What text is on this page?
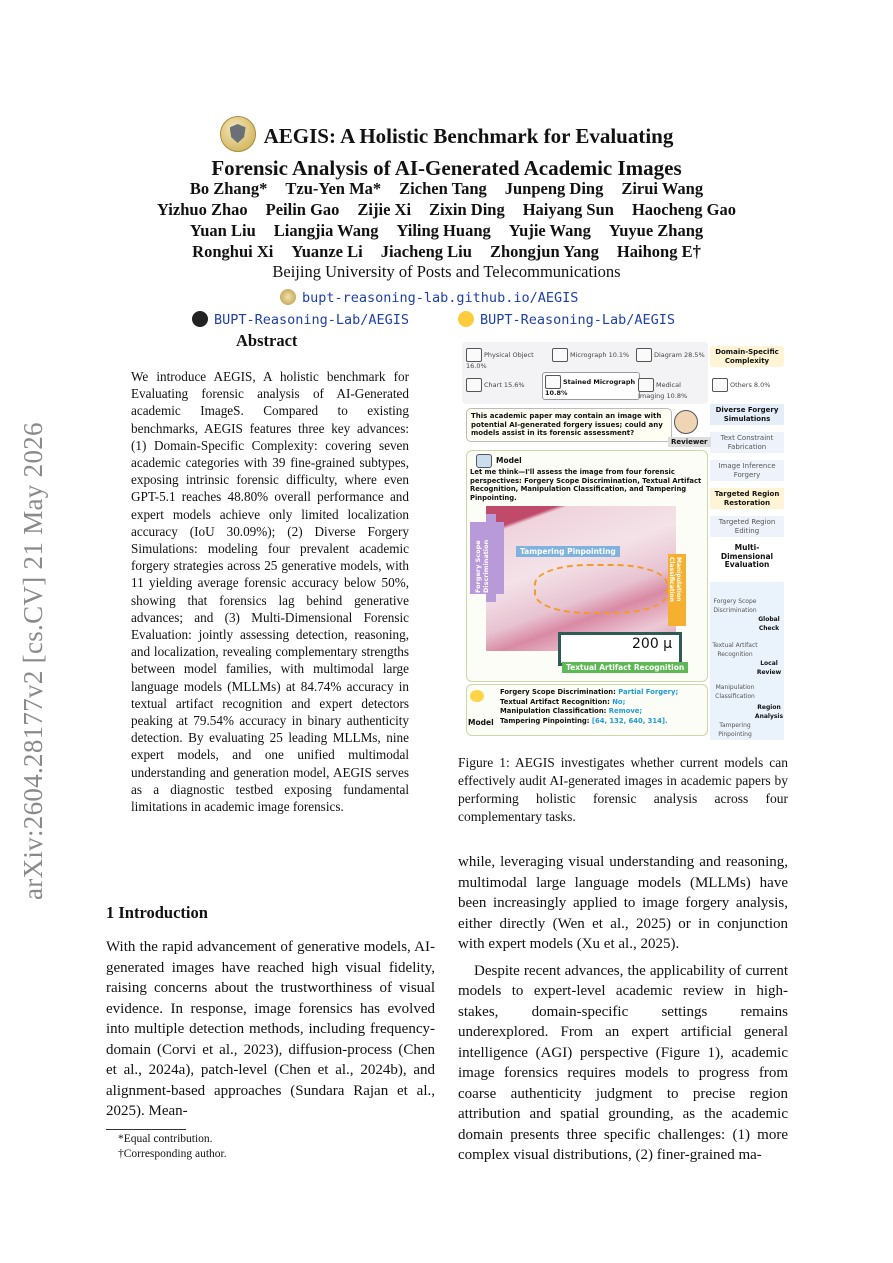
arXiv:2604.28177v2 [cs.CV] 21 May 2026
AEGIS: A Holistic Benchmark for Evaluating
Forensic Analysis of AI-Generated Academic Images
Bo Zhang* Tzu-Yen Ma* Zichen Tang Junpeng Ding Zirui Wang
Yizhuo Zhao Peilin Gao Zijie Xi Zixin Ding Haiyang Sun Haocheng Gao
Yuan Liu Liangjia Wang Yiling Huang Yujie Wang Yuyue Zhang
Ronghui Xi Yuanze Li Jiacheng Liu Zhongjun Yang Haihong E†
Beijing University of Posts and Telecommunications
bupt-reasoning-lab.github.io/AEGIS
BUPT-Reasoning-Lab/AEGIS	BUPT-Reasoning-Lab/AEGIS
Abstract
We introduce AEGIS, A holistic benchmark for Evaluating forensic analysis of AI-Generated academic ImageS. Compared to existing benchmarks, AEGIS features three key advances: (1) Domain-Specific Complexity: covering seven academic categories with 39 fine-grained subtypes, exposing intrinsic forensic difficulty, where even GPT-5.1 reaches 48.80% overall performance and expert models achieve only limited localization accuracy (IoU 30.09%); (2) Diverse Forgery Simulations: modeling four prevalent academic forgery strategies across 25 generative models, with 11 yielding average forensic accuracy below 50%, showing that forensics lag behind generative advances; and (3) Multi-Dimensional Forensic Evaluation: jointly assessing detection, reasoning, and localization, revealing complementary strengths between model families, with multimodal large language models (MLLMs) at 84.74% accuracy in textual artifact recognition and expert detectors peaking at 79.54% accuracy in binary authenticity detection. By evaluating 25 leading MLLMs, nine expert models, and one unified multimodal understanding and generation model, AEGIS serves as a diagnostic testbed exposing fundamental limitations in academic image forensics.
1 Introduction
With the rapid advancement of generative models, AI-generated images have reached high visual fidelity, raising concerns about the trustworthiness of visual evidence. In response, image forensics has evolved into multiple detection methods, including frequency-domain (Corvi et al., 2023), diffusion-process (Chen et al., 2024a), patch-level (Chen et al., 2024b), and alignment-based approaches (Sundara Rajan et al., 2025). Mean-
*Equal contribution.
†Corresponding author.

while, leveraging visual understanding and reasoning, multimodal large language models (MLLMs) have been increasingly applied to image forgery analysis, either directly (Wen et al., 2025) or in conjunction with expert models (Xu et al., 2025).

Despite recent advances, the applicability of current models to expert-level academic review in high-stakes, domain-specific settings remains underexplored. From an expert artificial general intelligence (AGI) perspective (Figure 1), academic image forensics requires models to progress from coarse authenticity judgment to precise region attribution and spatial grounding, as the academic domain presents three specific challenges: (1) more complex visual distributions, (2) finer-grained ma-

Figure 1: AEGIS investigates whether current models can effectively audit AI-generated images in academic papers by performing holistic forensic analysis across four complementary tasks.
Physical Object 16.0%
Micrograph 10.1%	Diagram 28.5%
Chart 15.6%	Stained Micrograph 10.8%
Medical Imaging 10.8%
Others 8.0%
Domain-Specific Complexity
Diverse Forgery Simulations
Text Constraint Fabrication
Image Inference Forgery
Targeted Region Restoration
Targeted Region Editing
Multi-Dimensional Evaluation
Forgery Scope Discrimination
Global Check
Textual Artifact Recognition
Local Review
Manipulation Classification
Tampering Pinpointing
Region Analysis
This academic paper may contain an image with potential AI-generated forgery issues; could any models assist in its forensic assessment?
Reviewer
Model
Let me think—I'll assess the image from four forensic perspectives: Forgery Scope Discrimination, Textual Artifact Recognition, Manipulation Classification, and Tampering Pinpointing.
Forgery Scope Discrimination	Tampering Pinpointing
Manipulation Classification
200 μ
Textual Artifact Recognition
Model
Forgery Scope Discrimination: Partial Forgery;
Textual Artifact Recognition: No;
Manipulation Classification: Remove;
Tampering Pinpointing: [64, 132, 640, 314].
